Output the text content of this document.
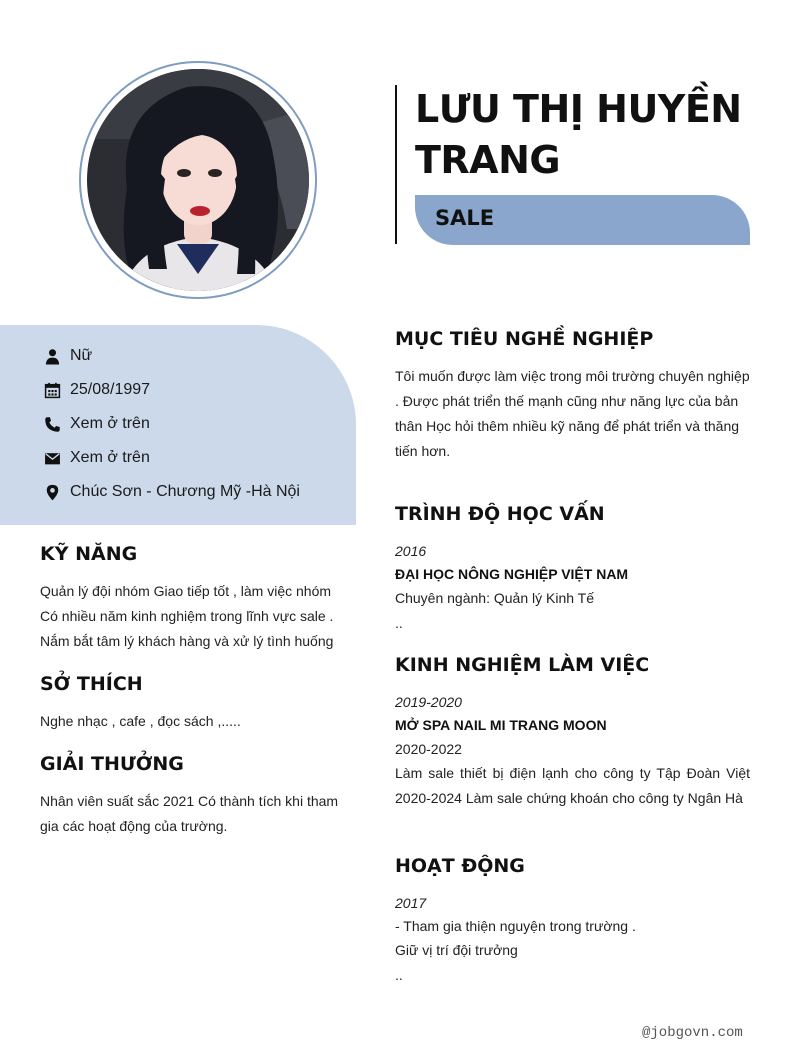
LƯU THỊ HUYỀN TRANG
SALE
Nữ
25/08/1997
Xem ở trên
Xem ở trên
Chúc Sơn - Chương Mỹ -Hà Nội
KỸ NĂNG
Quản lý đội nhóm Giao tiếp tốt , làm việc nhóm
Có nhiều năm kinh nghiệm trong lĩnh vực sale .
Nắm bắt tâm lý khách hàng và xử lý tình huống
SỞ THÍCH
Nghe nhạc , cafe , đọc sách ,.....
GIẢI THƯỞNG
Nhân viên suất sắc 2021 Có thành tích khi tham gia các hoạt động của trường.
MỤC TIÊU NGHỀ NGHIỆP
Tôi muốn được làm việc trong môi trường chuyên nghiệp . Được phát triển thế mạnh cũng như năng lực của bản thân Học hỏi thêm nhiều kỹ năng để phát triển và thăng tiến hơn.
TRÌNH ĐỘ HỌC VẤN
2016
ĐẠI HỌC NÔNG NGHIỆP VIỆT NAM
Chuyên ngành: Quản lý Kinh Tế
..
KINH NGHIỆM LÀM VIỆC
2019-2020
MỞ SPA NAIL MI TRANG MOON
2020-2022
Làm sale thiết bị điện lạnh cho công ty Tập Đoàn Việt 2020-2024 Làm sale chứng khoán cho công ty Ngân Hà
HOẠT ĐỘNG
2017
- Tham gia thiện nguyện trong trường .
Giữ vị trí đội trưởng
..
@jobgovn.com
